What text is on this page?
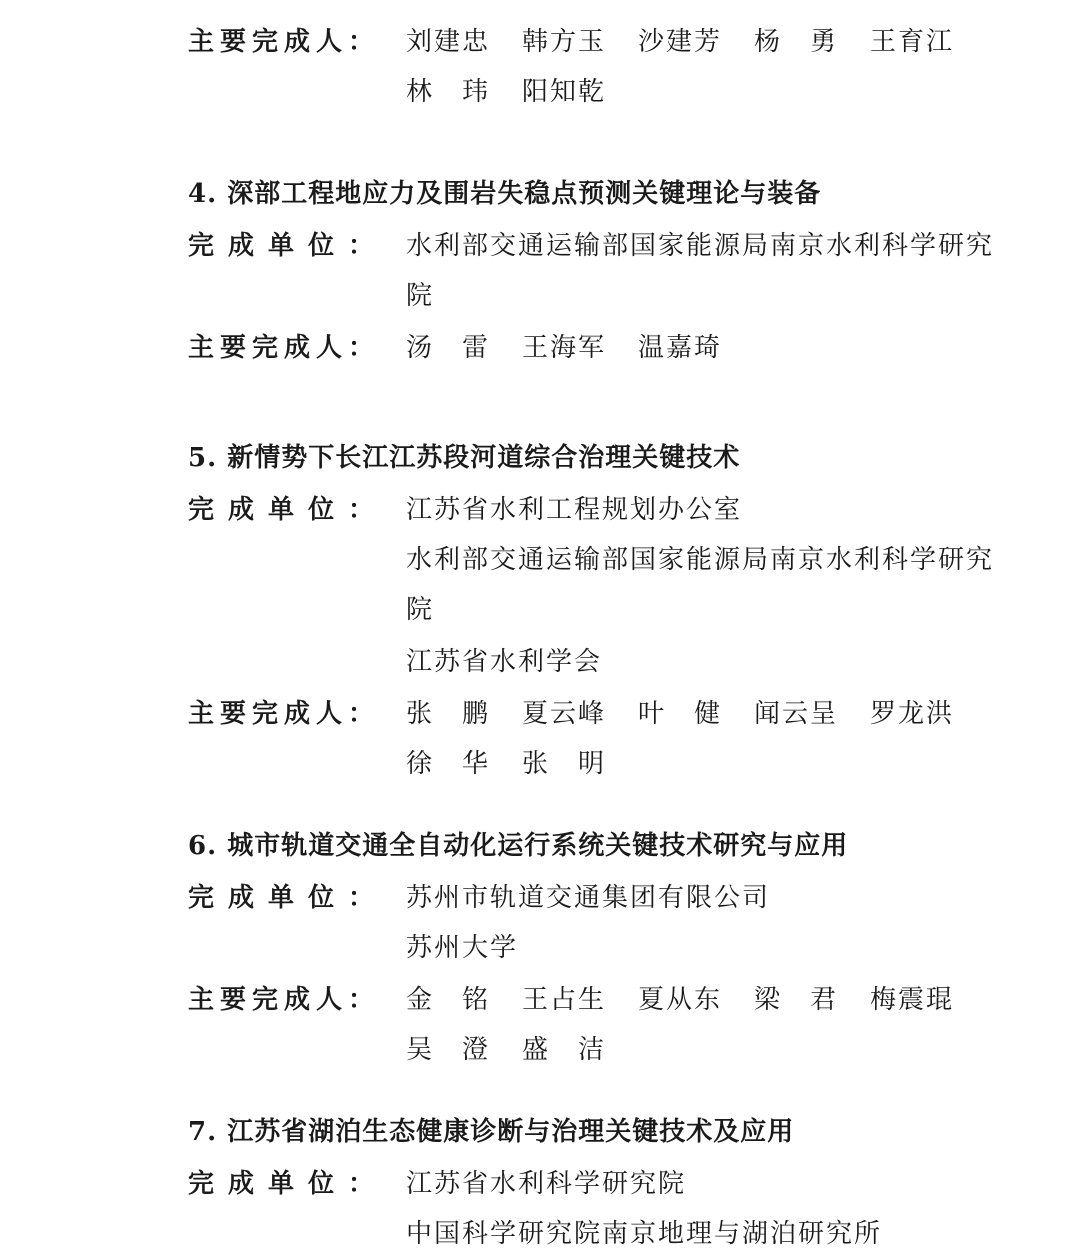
主要完成人： 刘建忠 韩方玉 沙建芳 杨　勇 王育江
林　玮 阳知乾
4. 深部工程地应力及围岩失稳点预测关键理论与装备
完成单位： 水利部交通运输部国家能源局南京水利科学研究
院
主要完成人： 汤　雷 王海军 温嘉琦
5. 新情势下长江江苏段河道综合治理关键技术
完成单位： 江苏省水利工程规划办公室
水利部交通运输部国家能源局南京水利科学研究
院
江苏省水利学会
主要完成人： 张　鹏 夏云峰 叶　健 闻云呈 罗龙洪
徐　华 张　明
6. 城市轨道交通全自动化运行系统关键技术研究与应用
完成单位： 苏州市轨道交通集团有限公司
苏州大学
主要完成人： 金　铭 王占生 夏从东 梁　君 梅震琨
吴　澄 盛　洁
7. 江苏省湖泊生态健康诊断与治理关键技术及应用
完成单位： 江苏省水利科学研究院
中国科学研究院南京地理与湖泊研究所
